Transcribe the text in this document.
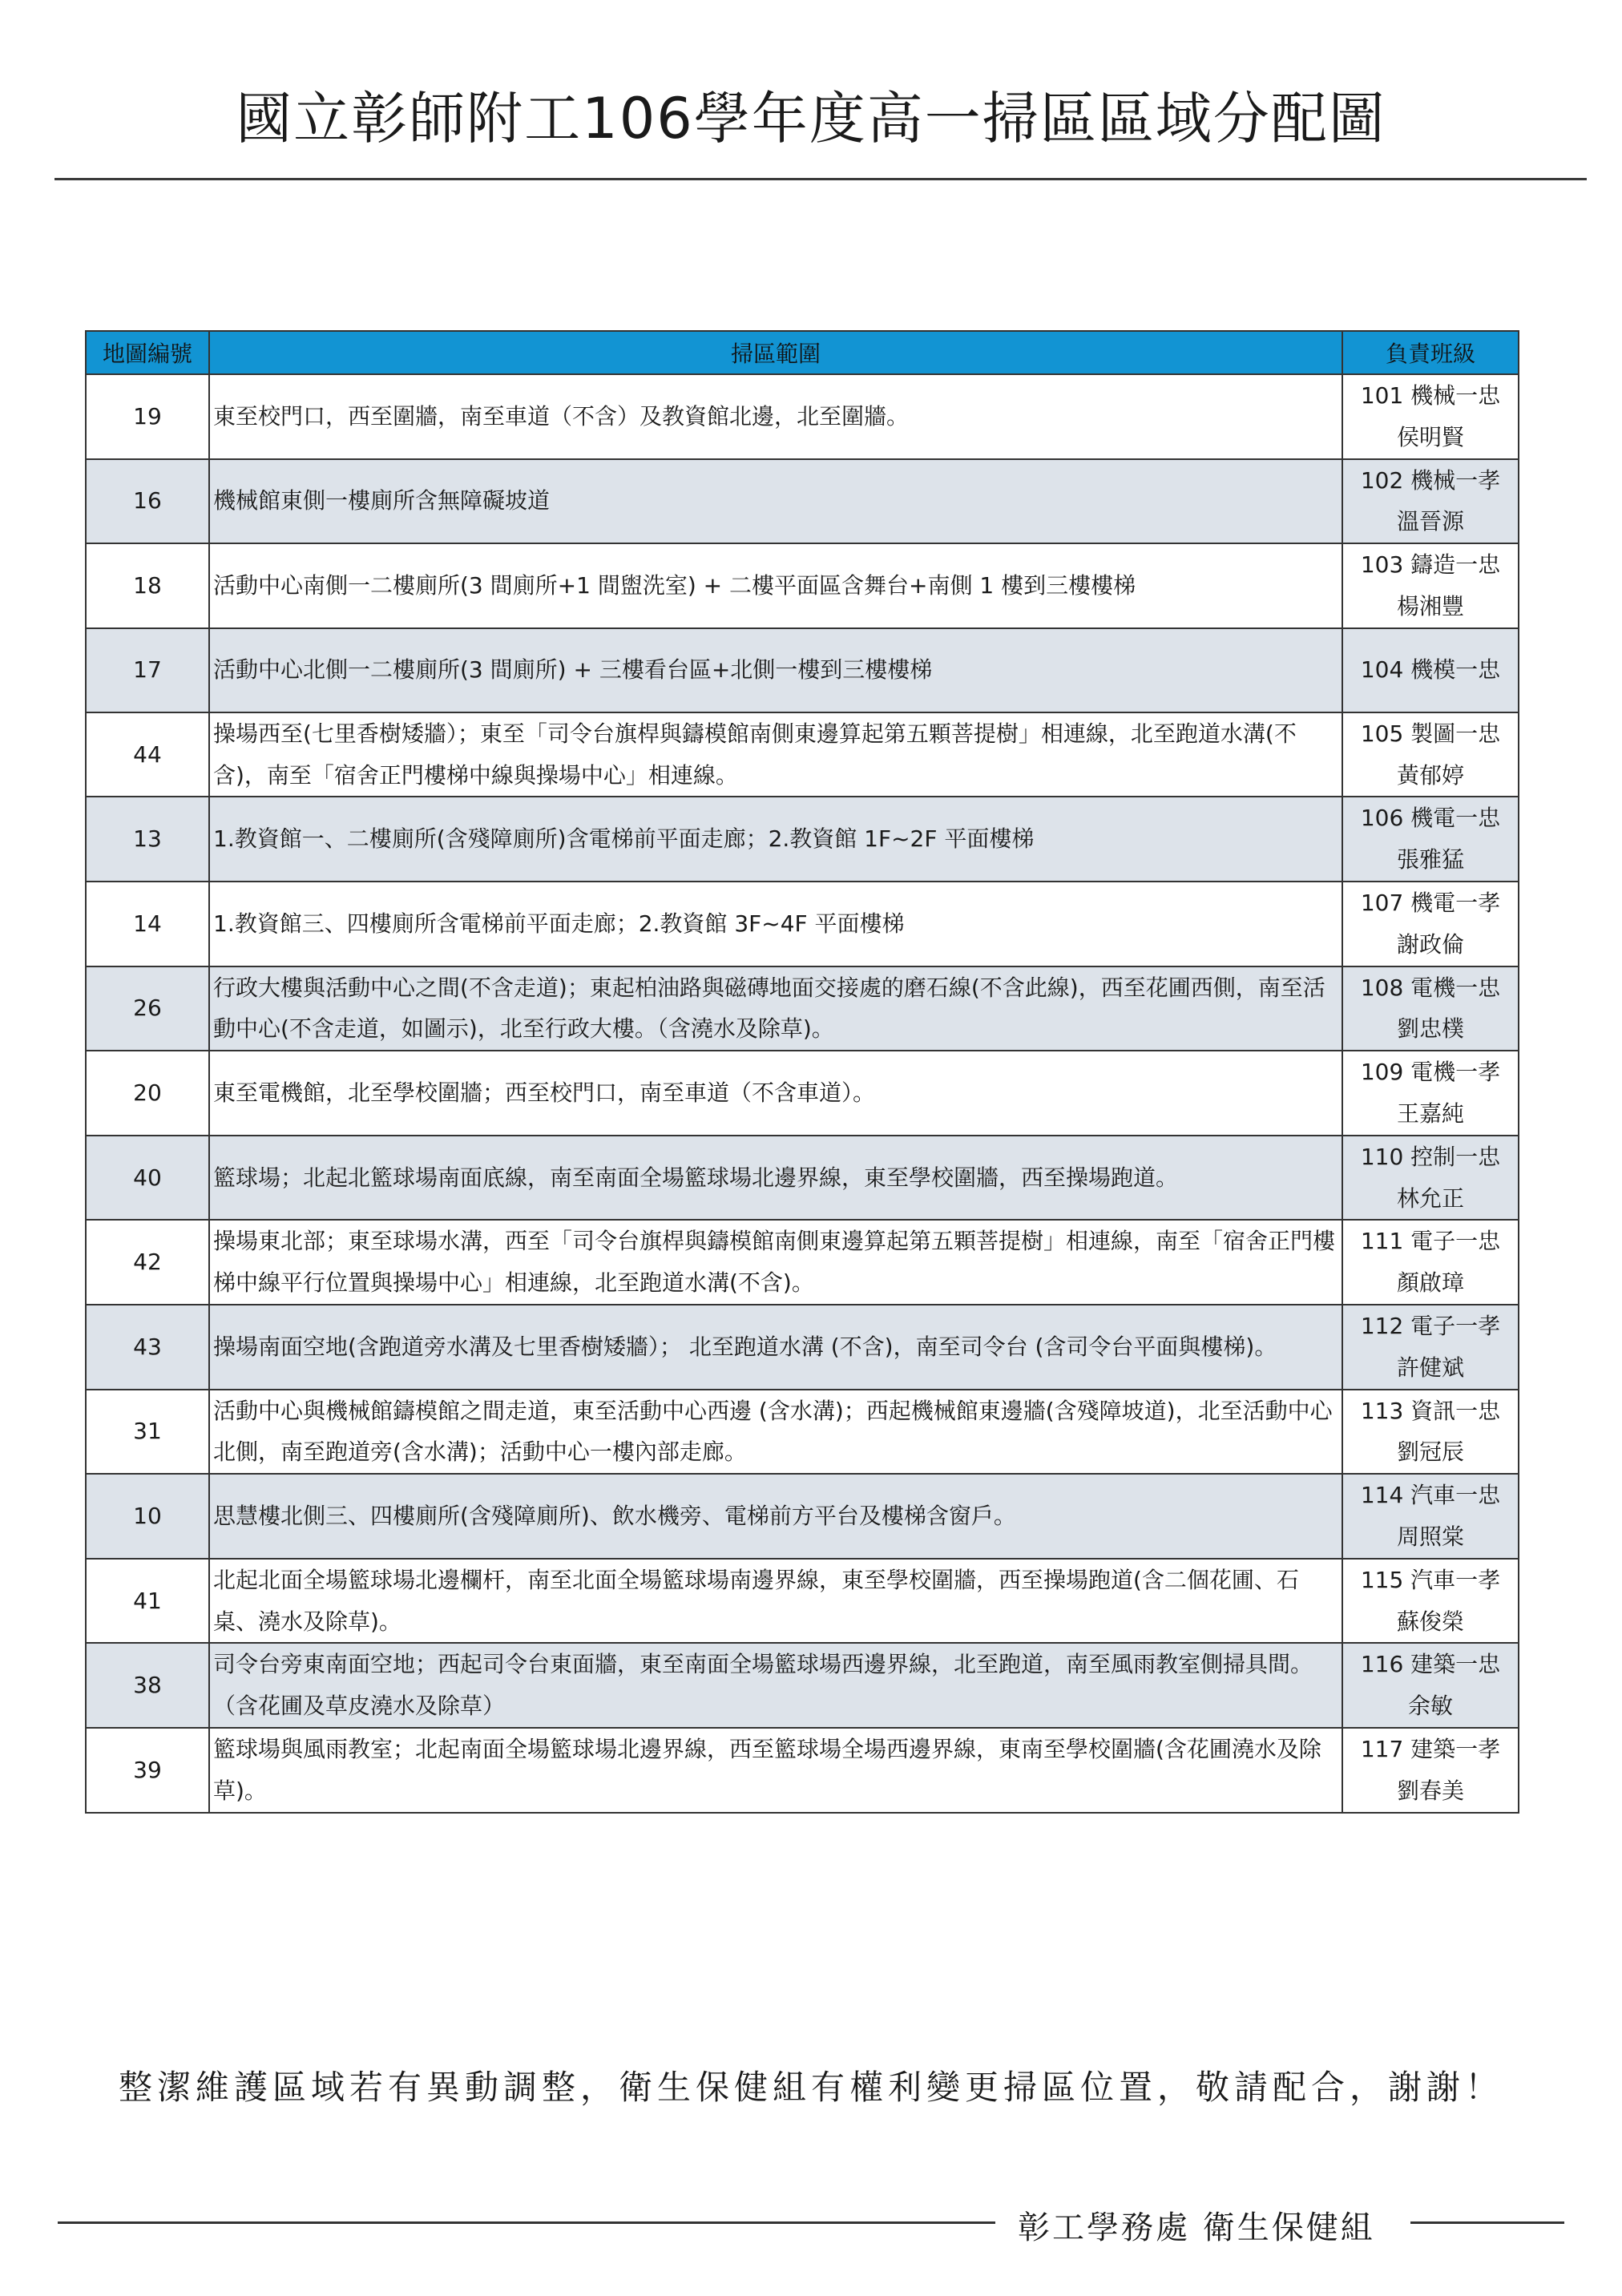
國立彰師附工106學年度高一掃區區域分配圖
地圖編號	掃區範圍	負責班級
19	東至校門口，西至圍牆，南至車道（不含）及教資館北邊，北至圍牆。	101 機械一忠
侯明賢

16	機械館東側一樓廁所含無障礙坡道	102 機械一孝
溫晉源

18	活動中心南側一二樓廁所(3 間廁所+1 間盥洗室) + 二樓平面區含舞台+南側 1 樓到三樓樓梯	103 鑄造一忠
楊湘豐

17	活動中心北側一二樓廁所(3 間廁所) + 三樓看台區+北側一樓到三樓樓梯	104 機模一忠

44	操場西至(七里香樹矮牆）；東至「司令台旗桿與鑄模館南側東邊算起第五顆菩提樹」相連線，北至跑道水溝(不含)，南至「宿舍正門樓梯中線與操場中心」相連線。	105 製圖一忠
黃郁婷

13	1.教資館一、二樓廁所(含殘障廁所)含電梯前平面走廊；2.教資館 1F~2F 平面樓梯	106 機電一忠
張雅猛

14	1.教資館三、四樓廁所含電梯前平面走廊；2.教資館 3F~4F 平面樓梯	107 機電一孝
謝政倫

26	行政大樓與活動中心之間(不含走道)；東起柏油路與磁磚地面交接處的磨石線(不含此線)，西至花圃西側，南至活動中心(不含走道，如圖示)，北至行政大樓。（含澆水及除草)。	108 電機一忠
劉忠樸

20	東至電機館，北至學校圍牆；西至校門口，南至車道（不含車道）。	109 電機一孝
王嘉純

40	籃球場；北起北籃球場南面底線，南至南面全場籃球場北邊界線，東至學校圍牆，西至操場跑道。	110 控制一忠
林允正

42	操場東北部；東至球場水溝，西至「司令台旗桿與鑄模館南側東邊算起第五顆菩提樹」相連線，南至「宿舍正門樓梯中線平行位置與操場中心」相連線，北至跑道水溝(不含)。	111 電子一忠
顏啟璋

43	操場南面空地(含跑道旁水溝及七里香樹矮牆）； 北至跑道水溝 (不含)，南至司令台 (含司令台平面與樓梯)。	112 電子一孝
許健斌

31	活動中心與機械館鑄模館之間走道，東至活動中心西邊 (含水溝)；西起機械館東邊牆(含殘障坡道)，北至活動中心北側，南至跑道旁(含水溝)；活動中心一樓內部走廊。	113 資訊一忠
劉冠辰

10	思慧樓北側三、四樓廁所(含殘障廁所)、飲水機旁、電梯前方平台及樓梯含窗戶。	114 汽車一忠
周照棠

41	北起北面全場籃球場北邊欄杆，南至北面全場籃球場南邊界線，東至學校圍牆，西至操場跑道(含二個花圃、石桌、澆水及除草)。	115 汽車一孝
蘇俊榮

38	司令台旁東南面空地；西起司令台東面牆，東至南面全場籃球場西邊界線，北至跑道，南至風雨教室側掃具間。（含花圃及草皮澆水及除草）	116 建築一忠
余敏

39	籃球場與風雨教室；北起南面全場籃球場北邊界線，西至籃球場全場西邊界線，東南至學校圍牆(含花圃澆水及除草)。	117 建築一孝
劉春美
整潔維護區域若有異動調整，衛生保健組有權利變更掃區位置，敬請配合，謝謝！
彰工學務處 衛生保健組
